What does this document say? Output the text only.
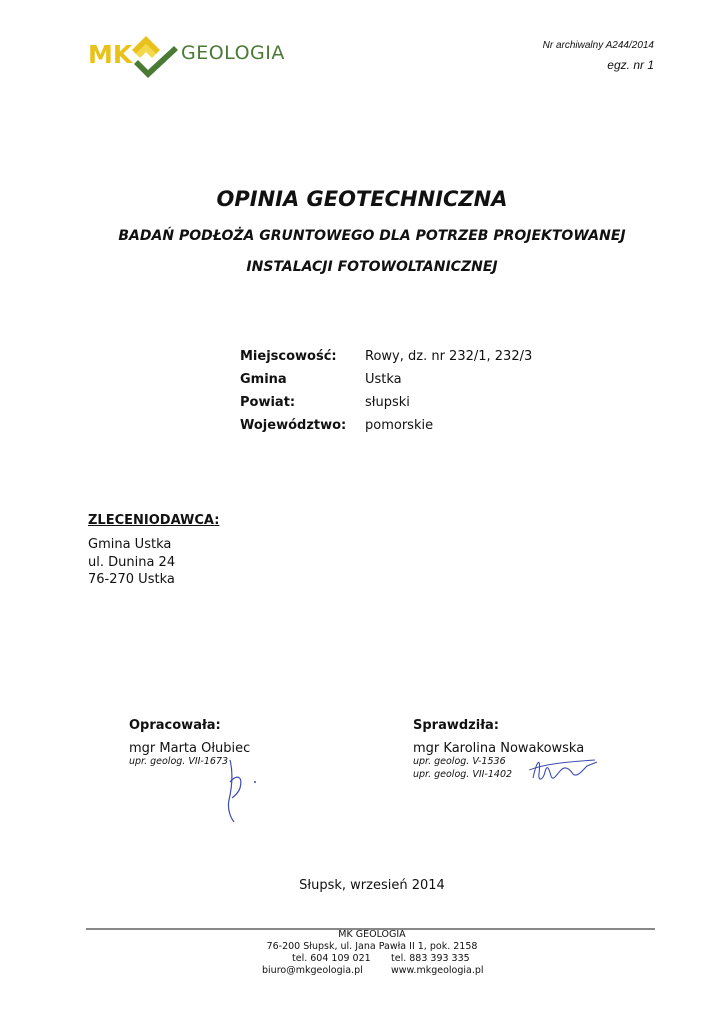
MK	GEOLOGIA	Nr archiwalny A244/2014
egz. nr 1
OPINIA GEOTECHNICZNA
BADAŃ PODŁOŻA GRUNTOWEGO DLA POTRZEB PROJEKTOWANEJ
INSTALACJI FOTOWOLTANICZNEJ
Miejscowość: Rowy, dz. nr 232/1, 232/3
Gmina	Ustka
Powiat:	słupski
Województwo: pomorskie
ZLECENIODAWCA:
Gmina Ustka
ul. Dunina 24
76-270 Ustka
Opracowała:
mgr Marta Ołubiec
upr. geolog. VII-1673
Sprawdziła:
mgr Karolina Nowakowska
upr. geolog. V-1536
upr. geolog. VII-1402
Słupsk, wrzesień 2014
MK GEOLOGIA
76-200 Słupsk, ul. Jana Pawła II 1, pok. 2158
tel. 604 109 021 tel. 883 393 335
biuro@mkgeologia.pl	www.mkgeologia.pl
